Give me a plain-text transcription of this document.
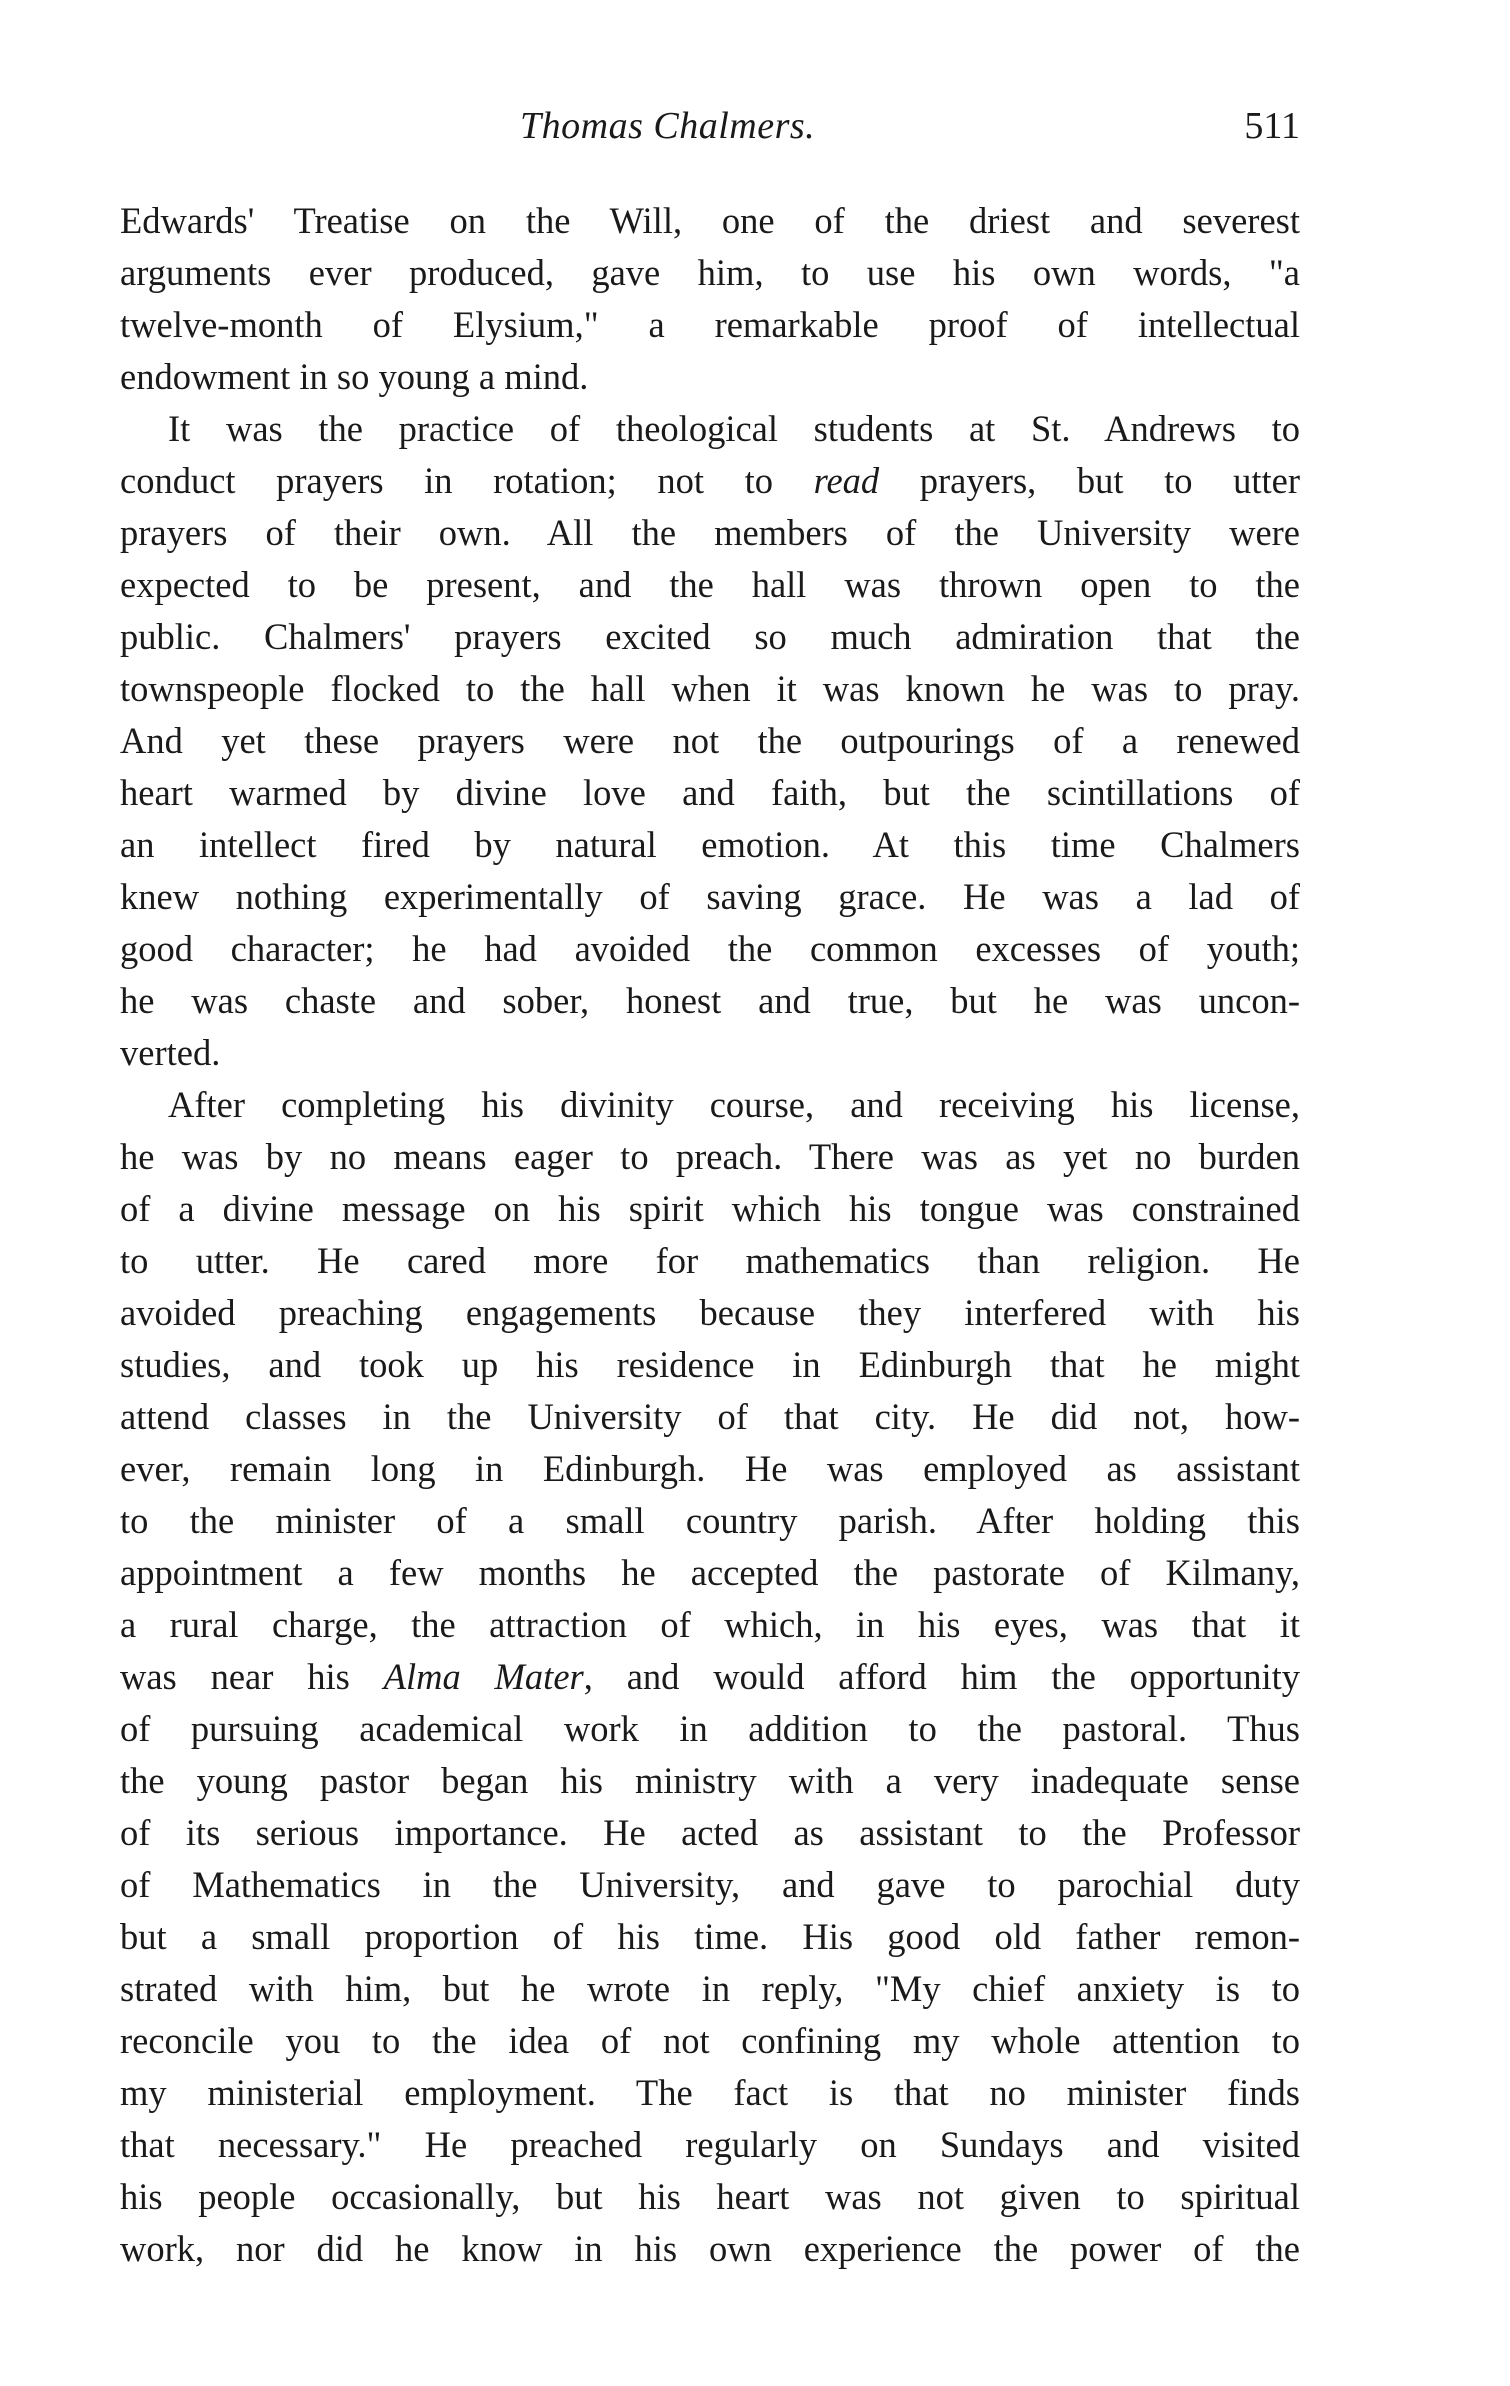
Thomas Chalmers.	511
Edwards' Treatise on the Will, one of the driest and severest
arguments ever produced, gave him, to use his own words, "a
twelve-month of Elysium," a remarkable proof of intellectual
endowment in so young a mind.
It was the practice of theological students at St. Andrews to
conduct prayers in rotation; not to read prayers, but to utter
prayers of their own. All the members of the University were
expected to be present, and the hall was thrown open to the
public. Chalmers' prayers excited so much admiration that the
townspeople flocked to the hall when it was known he was to pray.
And yet these prayers were not the outpourings of a renewed
heart warmed by divine love and faith, but the scintillations of
an intellect fired by natural emotion. At this time Chalmers
knew nothing experimentally of saving grace. He was a lad of
good character; he had avoided the common excesses of youth;
he was chaste and sober, honest and true, but he was uncon-
verted.
After completing his divinity course, and receiving his license,
he was by no means eager to preach. There was as yet no burden
of a divine message on his spirit which his tongue was constrained
to utter. He cared more for mathematics than religion. He
avoided preaching engagements because they interfered with his
studies, and took up his residence in Edinburgh that he might
attend classes in the University of that city. He did not, how-
ever, remain long in Edinburgh. He was employed as assistant
to the minister of a small country parish. After holding this
appointment a few months he accepted the pastorate of Kilmany,
a rural charge, the attraction of which, in his eyes, was that it
was near his Alma Mater, and would afford him the opportunity
of pursuing academical work in addition to the pastoral. Thus
the young pastor began his ministry with a very inadequate sense
of its serious importance. He acted as assistant to the Professor
of Mathematics in the University, and gave to parochial duty
but a small proportion of his time. His good old father remon-
strated with him, but he wrote in reply, "My chief anxiety is to
reconcile you to the idea of not confining my whole attention to
my ministerial employment. The fact is that no minister finds
that necessary." He preached regularly on Sundays and visited
his people occasionally, but his heart was not given to spiritual
work, nor did he know in his own experience the power of the
